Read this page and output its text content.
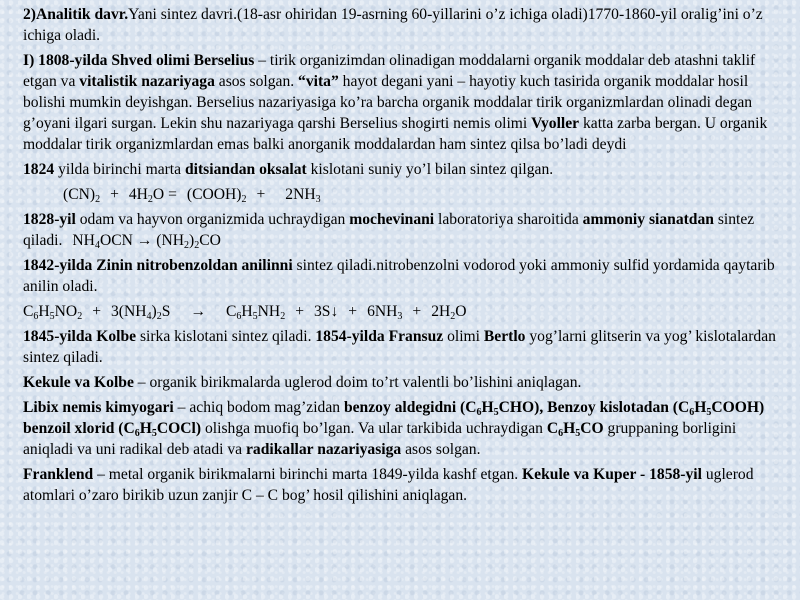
2)Analitik davr.Yani sintez davri.(18-asr ohiridan 19-asrning 60-yillarini o’z ichiga oladi)1770-1860-yil oralig’ini o’z ichiga oladi.

I) 1808-yilda Shved olimi Berselius – tirik organizimdan olinadigan moddalarni organik moddalar deb atashni taklif etgan va vitalistik nazariyaga asos solgan. “vita” hayot degani yani – hayotiy kuch tasirida organik moddalar hosil bolishi mumkin deyishgan. Berselius nazariyasiga ko’ra barcha organik moddalar tirik organizmlardan olinadi degan g’oyani ilgari surgan. Lekin shu nazariyaga qarshi Berselius shogirti nemis olimi Vyoller katta zarba bergan. U organik moddalar tirik organizmlardan emas balki anorganik moddalardan ham sintez qilsa bo’ladi deydi

1824 yilda birinchi marta ditsiandan oksalat kislotani suniy yo’l bilan sintez qilgan.

$(CN)_2 + 4H_2O$ = $(COOH)_2 + 2NH_3$

1828-yil odam va hayvon organizmida uchraydigan mochevinani laboratoriya sharoitida ammoniy sianatdan sintez qiladi. $NH_4OCN \to (NH_2)_2CO$

1842-yilda Zinin nitrobenzoldan anilinni sintez qiladi.nitrobenzolni vodorod yoki ammoniy sulfid yordamida qaytarib anilin oladi.

$C_6H_5NO_2 + 3(NH_4)_2S \to C_6H_5NH_2$ + 3S↓ + $6NH_3 + 2H_2O$

1845-yilda Kolbe sirka kislotani sintez qiladi. 1854-yilda Fransuz olimi Bertlo yog’larni glitserin va yog’ kislotalardan sintez qiladi.

Kekule va Kolbe – organik birikmalarda uglerod doim to’rt valentli bo’lishini aniqlagan.

Libix nemis kimyogari – achiq bodom mag’zidan benzoy aldegidni $(C_6H_5CHO)$, Benzoy kislotadan $(C_6H_5COOH)$ benzoil xlorid $(C_6H_5COCl)$ olishga muofiq bo’lgan. Va ular tarkibida uchraydigan $C_6H_5CO$ gruppaning borligini aniqladi va uni radikal deb atadi va radikallar nazariyasiga asos solgan.

Franklend – metal organik birikmalarni birinchi marta 1849-yilda kashf etgan. Kekule va Kuper - 1858-yil uglerod atomlari o’zaro birikib uzun zanjir C – C bog’ hosil qilishini aniqlagan.
